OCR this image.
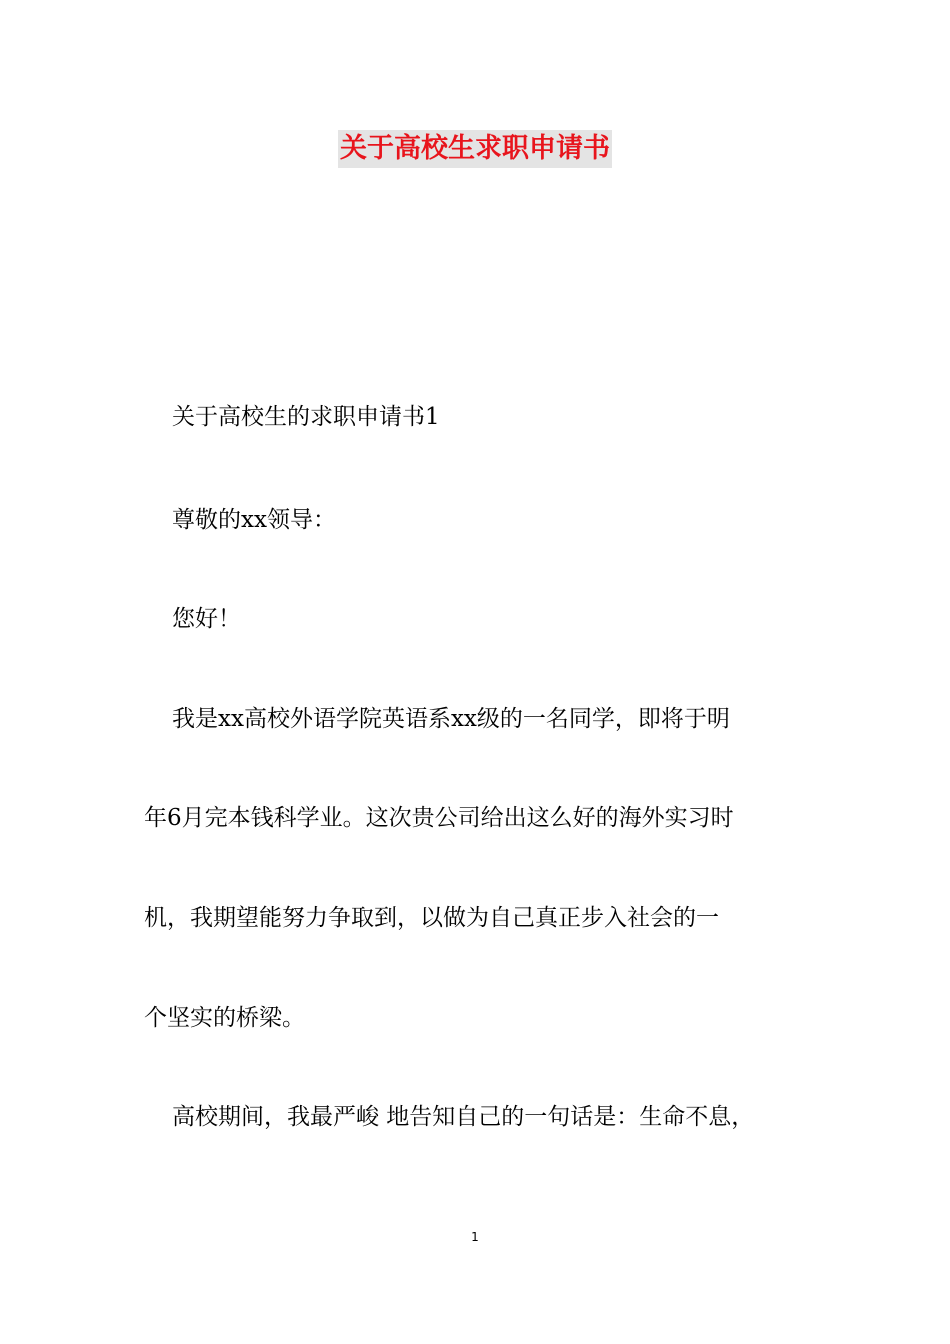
关于高校生求职申请书
关于高校生的求职申请书1
尊敬的xx领导：
您好！
我是xx高校外语学院英语系xx级的一名同学，即将于明
年6月完本钱科学业。这次贵公司给出这么好的海外实习时
机，我期望能努力争取到，以做为自己真正步入社会的一
个坚实的桥梁。
高校期间，我最严峻 地告知自己的一句话是：生命不息，
1
